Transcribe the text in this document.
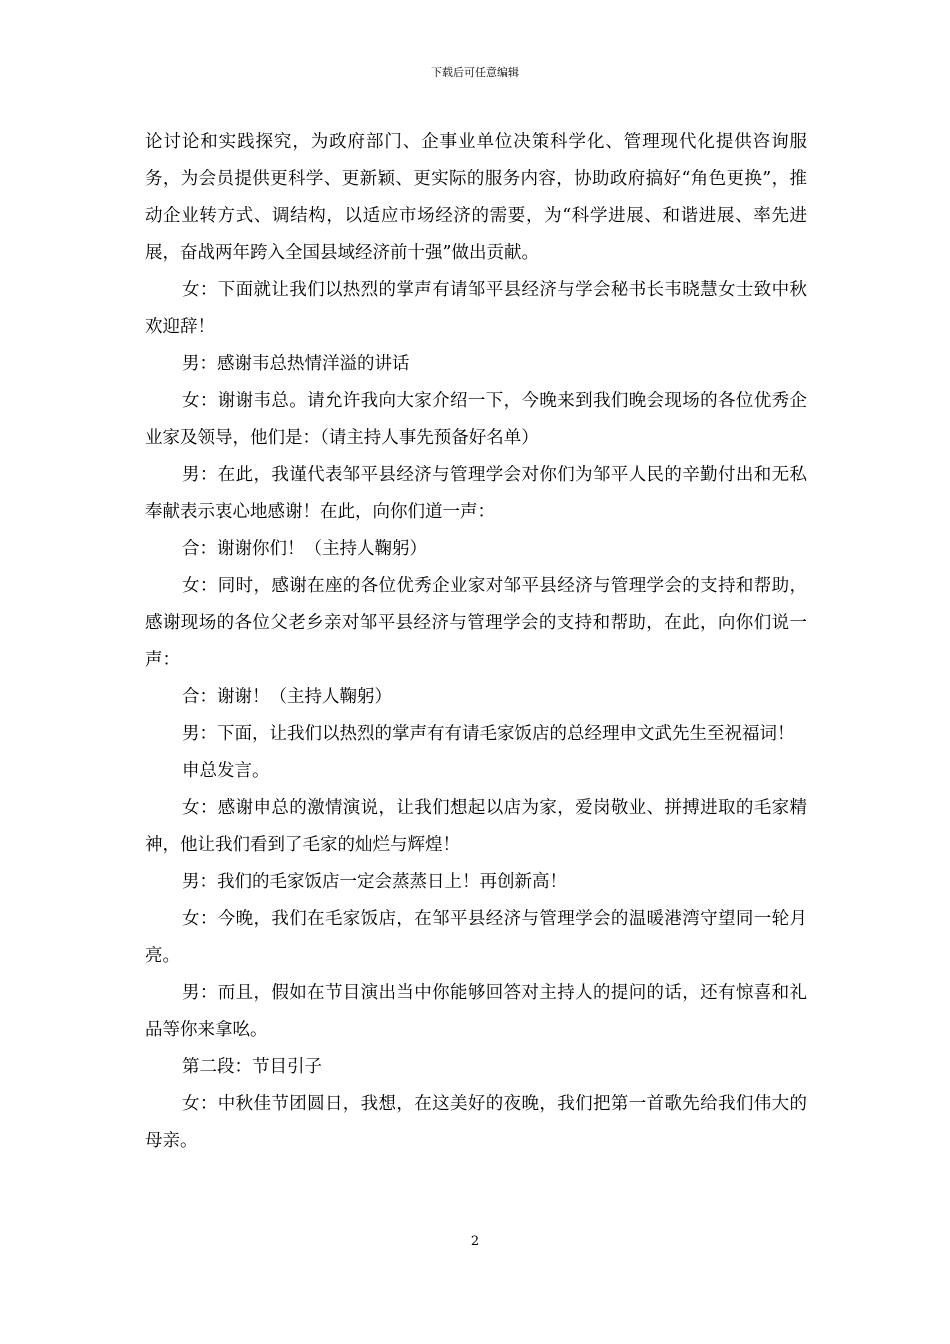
下载后可任意编辑

论讨论和实践探究，为政府部门、企事业单位决策科学化、管理现代化提供咨询服务，为会员提供更科学、更新颖、更实际的服务内容，协助政府搞好“角色更换”，推动企业转方式、调结构，以适应市场经济的需要，为“科学进展、和谐进展、率先进展，奋战两年跨入全国县域经济前十强”做出贡献。

女：下面就让我们以热烈的掌声有请邹平县经济与学会秘书长韦晓慧女士致中秋欢迎辞！

男：感谢韦总热情洋溢的讲话

女：谢谢韦总。请允许我向大家介绍一下，今晚来到我们晚会现场的各位优秀企业家及领导，他们是：（请主持人事先预备好名单）

男：在此，我谨代表邹平县经济与管理学会对你们为邹平人民的辛勤付出和无私奉献表示衷心地感谢！在此，向你们道一声：

合：谢谢你们！（主持人鞠躬）

女：同时，感谢在座的各位优秀企业家对邹平县经济与管理学会的支持和帮助，感谢现场的各位父老乡亲对邹平县经济与管理学会的支持和帮助，在此，向你们说一声：

合：谢谢！（主持人鞠躬）

男：下面，让我们以热烈的掌声有有请毛家饭店的总经理申文武先生至祝福词！

申总发言。

女：感谢申总的激情演说，让我们想起以店为家，爱岗敬业、拼搏进取的毛家精神，他让我们看到了毛家的灿烂与辉煌！

男：我们的毛家饭店一定会蒸蒸日上！再创新高！

女：今晚，我们在毛家饭店，在邹平县经济与管理学会的温暖港湾守望同一轮月亮。

男：而且，假如在节目演出当中你能够回答对主持人的提问的话，还有惊喜和礼品等你来拿吆。

第二段：节目引子

女：中秋佳节团圆日，我想，在这美好的夜晚，我们把第一首歌先给我们伟大的母亲。

2
